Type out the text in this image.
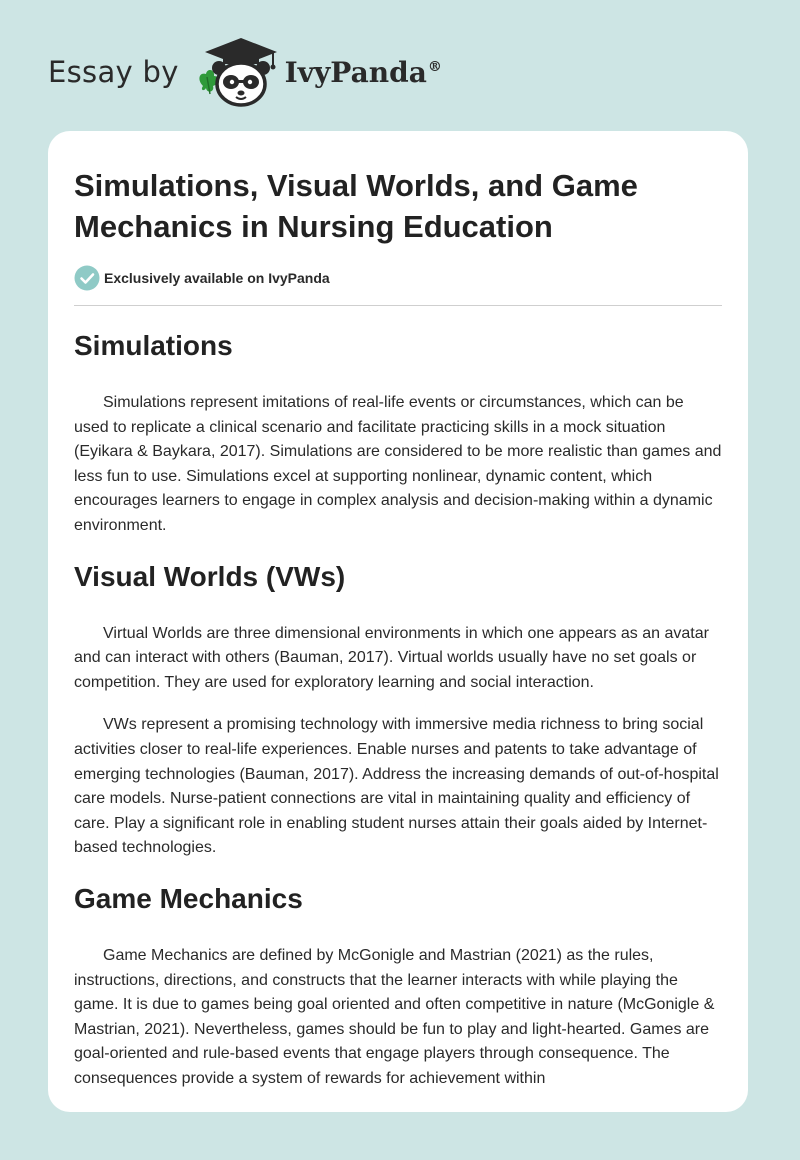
Essay by	IvyPanda®
Simulations, Visual Worlds, and Game Mechanics in Nursing Education
Exclusively available on IvyPanda
Simulations

Simulations represent imitations of real-life events or circumstances, which can be used to replicate a clinical scenario and facilitate practicing skills in a mock situation (Eyikara & Baykara, 2017). Simulations are considered to be more realistic than games and less fun to use. Simulations excel at supporting nonlinear, dynamic content, which encourages learners to engage in complex analysis and decision-making within a dynamic environment.

Visual Worlds (VWs)

Virtual Worlds are three dimensional environments in which one appears as an avatar and can interact with others (Bauman, 2017). Virtual worlds usually have no set goals or competition. They are used for exploratory learning and social interaction.

VWs represent a promising technology with immersive media richness to bring social activities closer to real-life experiences. Enable nurses and patents to take advantage of emerging technologies (Bauman, 2017). Address the increasing demands of out-of-hospital care models. Nurse-patient connections are vital in maintaining quality and efficiency of care. Play a significant role in enabling student nurses attain their goals aided by Internet-based technologies.

Game Mechanics

Game Mechanics are defined by McGonigle and Mastrian (2021) as the rules, instructions, directions, and constructs that the learner interacts with while playing the game. It is due to games being goal oriented and often competitive in nature (McGonigle & Mastrian, 2021). Nevertheless, games should be fun to play and light-hearted. Games are goal-oriented and rule-based events that engage players through consequence. The consequences provide a system of rewards for achievement within
